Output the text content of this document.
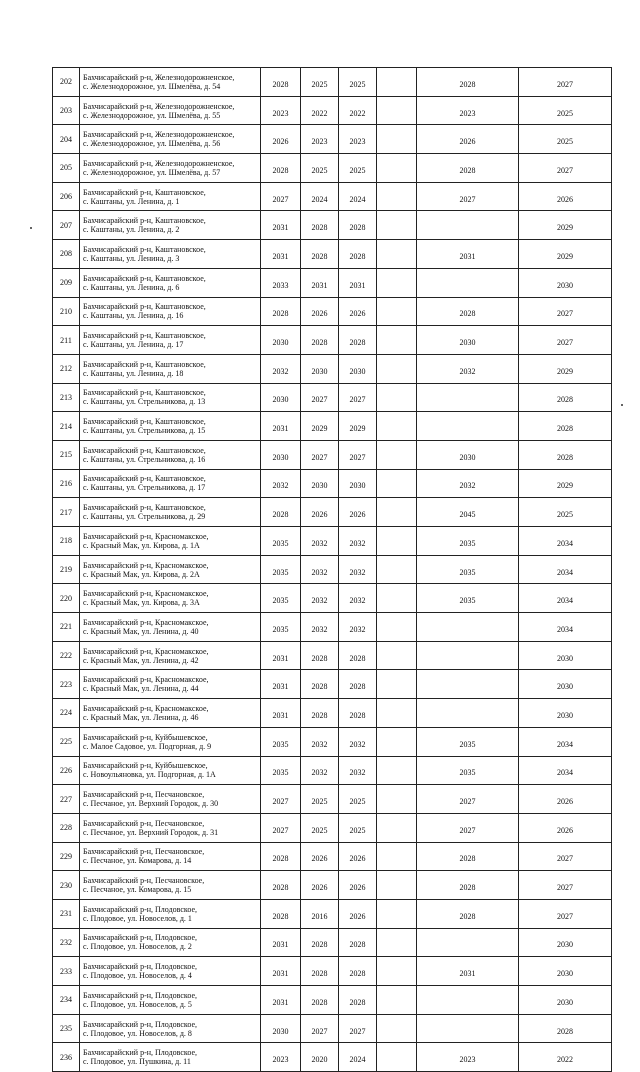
202	Бахчисарайский р-н, Железнодорожненское,
с. Железнодорожное, ул. Шмелёва, д. 54	2028	2025	2025		2028	2027
203	Бахчисарайский р-н, Железнодорожненское,
с. Железнодорожное, ул. Шмелёва, д. 55	2023	2022	2022		2023	2025
204	Бахчисарайский р-н, Железнодорожненское,
с. Железнодорожное, ул. Шмелёва, д. 56	2026	2023	2023		2026	2025
205	Бахчисарайский р-н, Железнодорожненское,
с. Железнодорожное, ул. Шмелёва, д. 57	2028	2025	2025		2028	2027
206	Бахчисарайский р-н, Каштановское,
с. Каштаны, ул. Ленина, д. 1	2027	2024	2024		2027	2026
207	Бахчисарайский р-н, Каштановское,
с. Каштаны, ул. Ленина, д. 2	2031	2028	2028			2029
208	Бахчисарайский р-н, Каштановское,
с. Каштаны, ул. Ленина, д. 3	2031	2028	2028		2031	2029
209	Бахчисарайский р-н, Каштановское,
с. Каштаны, ул. Ленина, д. 6	2033	2031	2031			2030
210	Бахчисарайский р-н, Каштановское,
с. Каштаны, ул. Ленина, д. 16	2028	2026	2026		2028	2027
211	Бахчисарайский р-н, Каштановское,
с. Каштаны, ул. Ленина, д. 17	2030	2028	2028		2030	2027
212	Бахчисарайский р-н, Каштановское,
с. Каштаны, ул. Ленина, д. 18	2032	2030	2030		2032	2029
213	Бахчисарайский р-н, Каштановское,
с. Каштаны, ул. Стрельникова, д. 13	2030	2027	2027			2028
214	Бахчисарайский р-н, Каштановское,
с. Каштаны, ул. Стрельникова, д. 15	2031	2029	2029			2028
215	Бахчисарайский р-н, Каштановское,
с. Каштаны, ул. Стрельникова, д. 16	2030	2027	2027		2030	2028
216	Бахчисарайский р-н, Каштановское,
с. Каштаны, ул. Стрельникова, д. 17	2032	2030	2030		2032	2029
217	Бахчисарайский р-н, Каштановское,
с. Каштаны, ул. Стрельникова, д. 29	2028	2026	2026		2045	2025
218	Бахчисарайский р-н, Красномакское,
с. Красный Мак, ул. Кирова, д. 1А	2035	2032	2032		2035	2034
219	Бахчисарайский р-н, Красномакское,
с. Красный Мак, ул. Кирова, д. 2А	2035	2032	2032		2035	2034
220	Бахчисарайский р-н, Красномакское,
с. Красный Мак, ул. Кирова, д. 3А	2035	2032	2032		2035	2034
221	Бахчисарайский р-н, Красномакское,
с. Красный Мак, ул. Ленина, д. 40	2035	2032	2032			2034
222	Бахчисарайский р-н, Красномакское,
с. Красный Мак, ул. Ленина, д. 42	2031	2028	2028			2030
223	Бахчисарайский р-н, Красномакское,
с. Красный Мак, ул. Ленина, д. 44	2031	2028	2028			2030
224	Бахчисарайский р-н, Красномакское,
с. Красный Мак, ул. Ленина, д. 46	2031	2028	2028			2030
225	Бахчисарайский р-н, Куйбышевское,
с. Малое Садовое, ул. Подгорная, д. 9	2035	2032	2032		2035	2034
226	Бахчисарайский р-н, Куйбышевское,
с. Новоульяновка, ул. Подгорная, д. 1А	2035	2032	2032		2035	2034
227	Бахчисарайский р-н, Песчановское,
с. Песчаное, ул. Верхний Городок, д. 30	2027	2025	2025		2027	2026
228	Бахчисарайский р-н, Песчановское,
с. Песчаное, ул. Верхний Городок, д. 31	2027	2025	2025		2027	2026
229	Бахчисарайский р-н, Песчановское,
с. Песчаное, ул. Комарова, д. 14	2028	2026	2026		2028	2027
230	Бахчисарайский р-н, Песчановское,
с. Песчаное, ул. Комарова, д. 15	2028	2026	2026		2028	2027
231	Бахчисарайский р-н, Плодовское,
с. Плодовое, ул. Новоселов, д. 1	2028	2016	2026		2028	2027
232	Бахчисарайский р-н, Плодовское,
с. Плодовое, ул. Новоселов, д. 2	2031	2028	2028			2030
233	Бахчисарайский р-н, Плодовское,
с. Плодовое, ул. Новоселов, д. 4	2031	2028	2028		2031	2030
234	Бахчисарайский р-н, Плодовское,
с. Плодовое, ул. Новоселов, д. 5	2031	2028	2028			2030
235	Бахчисарайский р-н, Плодовское,
с. Плодовое, ул. Новоселов, д. 8	2030	2027	2027			2028
236	Бахчисарайский р-н, Плодовское,
с. Плодовое, ул. Пушкина, д. 11	2023	2020	2024		2023	2022
